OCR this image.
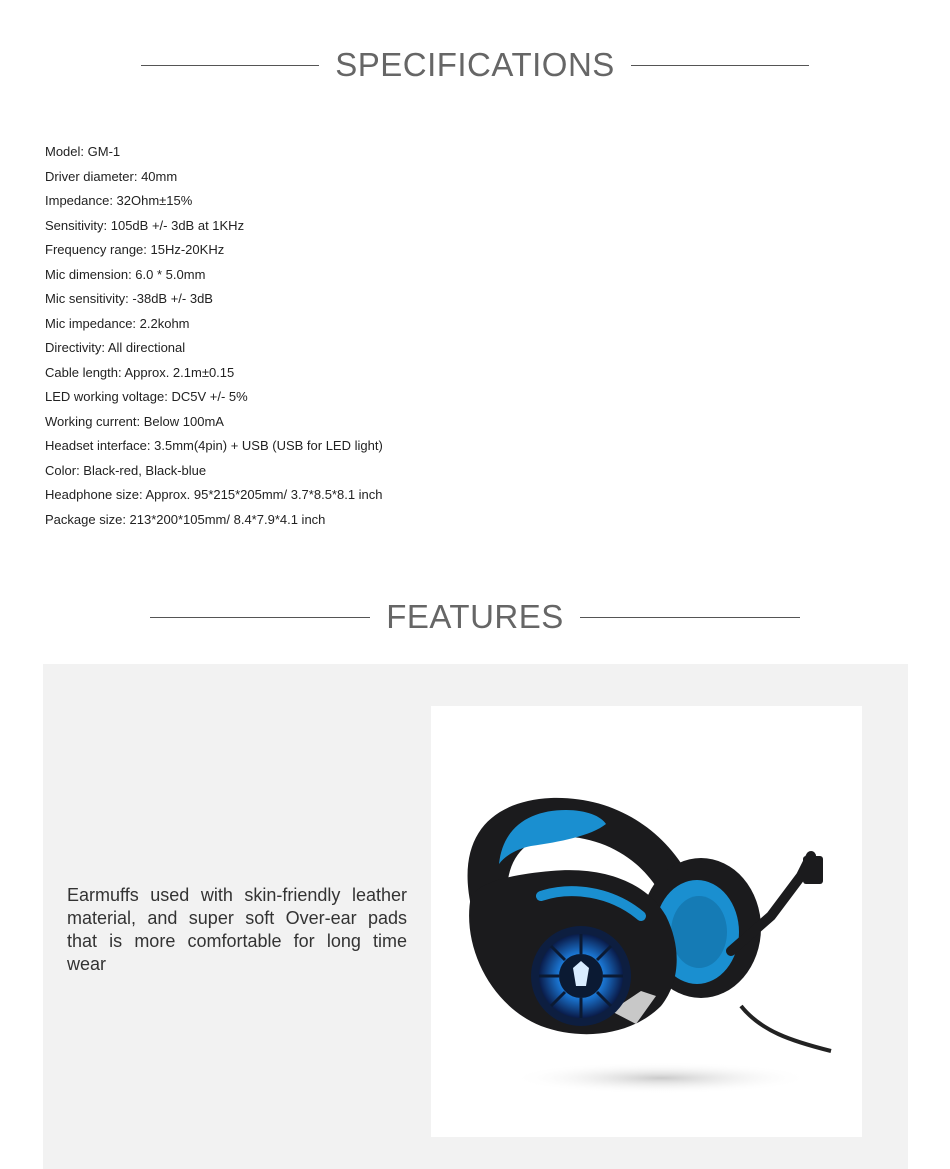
SPECIFICATIONS
Model: GM-1
Driver diameter: 40mm
Impedance: 32Ohm±15%
Sensitivity: 105dB +/- 3dB at 1KHz
Frequency range: 15Hz-20KHz
Mic dimension: 6.0 * 5.0mm
Mic sensitivity: -38dB +/- 3dB
Mic impedance: 2.2kohm
Directivity: All directional
Cable length: Approx. 2.1m±0.15
LED working voltage: DC5V +/- 5%
Working current: Below 100mA
Headset interface: 3.5mm(4pin) + USB (USB for LED light)
Color: Black-red, Black-blue
Headphone size: Approx. 95*215*205mm/ 3.7*8.5*8.1 inch
Package size: 213*200*105mm/ 8.4*7.9*4.1 inch
FEATURES
Earmuffs used with skin-friendly leather material, and super soft Over-ear pads that is more comfortable for long time wear
